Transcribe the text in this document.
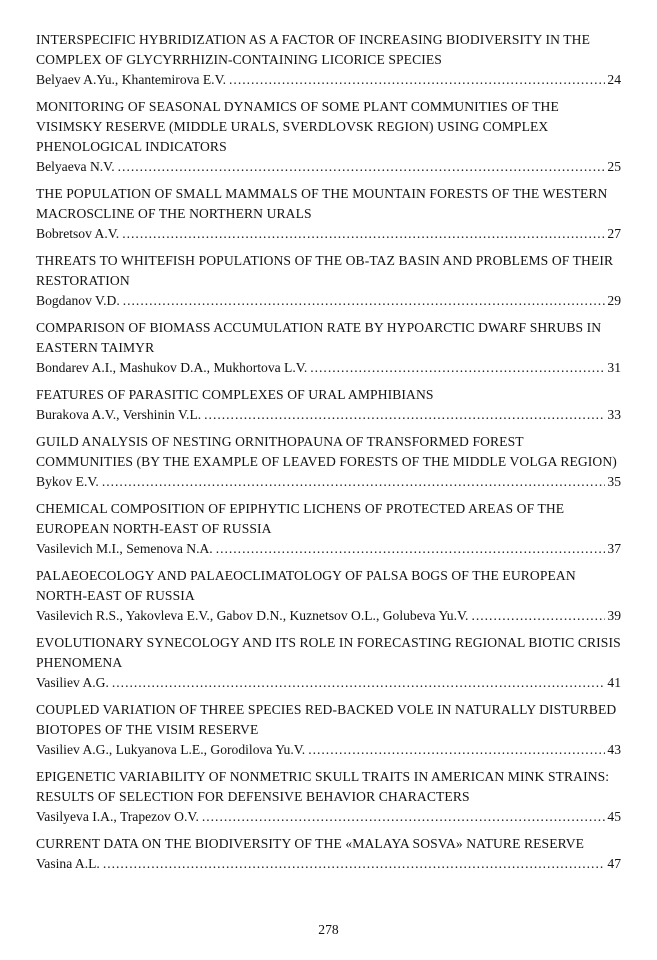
INTERSPECIFIC HYBRIDIZATION AS A FACTOR OF INCREASING BIODIVERSITY IN THE COMPLEX OF GLYCYRRHIZIN-CONTAINING LICORICE SPECIES
Belyaev A.Yu., Khantemirova E.V. .....	24
MONITORING OF SEASONAL DYNAMICS OF SOME PLANT COMMUNITIES OF THE VISIMSKY RESERVE (MIDDLE URALS, SVERDLOVSK REGION) USING COMPLEX PHENOLOGICAL INDICATORS
Belyaeva N.V. .....	25
THE POPULATION OF SMALL MAMMALS OF THE MOUNTAIN FORESTS OF THE WESTERN MACROSCLINE OF THE NORTHERN URALS
Bobretsov A.V. .....	27
THREATS TO WHITEFISH POPULATIONS OF THE OB-TAZ BASIN AND PROBLEMS OF THEIR RESTORATION
Bogdanov V.D. .....	29
COMPARISON OF BIOMASS ACCUMULATION RATE BY HYPOARCTIC DWARF SHRUBS IN EASTERN TAIMYR
Bondarev A.I., Mashukov D.A., Mukhortova L.V. .....	31
FEATURES OF PARASITIC COMPLEXES OF URAL AMPHIBIANS
Burakova A.V., Vershinin V.L. .....	33
GUILD ANALYSIS OF NESTING ORNITHOPAUNA OF TRANSFORMED FOREST COMMUNITIES (BY THE EXAMPLE OF LEAVED FORESTS OF THE MIDDLE VOLGA REGION)
Bykov E.V. .....	35
CHEMICAL COMPOSITION OF EPIPHYTIC LICHENS OF PROTECTED AREAS OF THE EUROPEAN NORTH-EAST OF RUSSIA
Vasilevich M.I., Semenova N.A. .....	37
PALAEOECOLOGY AND PALAEOCLIMATOLOGY OF PALSA BOGS OF THE EUROPEAN NORTH-EAST OF RUSSIA
Vasilevich R.S., Yakovleva E.V., Gabov D.N., Kuznetsov O.L., Golubeva Yu.V. .....	39
EVOLUTIONARY SYNECOLOGY AND ITS ROLE IN FORECASTING REGIONAL BIOTIC CRISIS PHENOMENA
Vasiliev A.G. .....	41
COUPLED VARIATION OF THREE SPECIES RED-BACKED VOLE IN NATURALLY DISTURBED BIOTOPES OF THE VISIM RESERVE
Vasiliev A.G., Lukyanova L.E., Gorodilova Yu.V. .....	43
EPIGENETIC VARIABILITY OF NONMETRIC SKULL TRAITS IN AMERICAN MINK STRAINS: RESULTS OF SELECTION FOR DEFENSIVE BEHAVIOR CHARACTERS
Vasilyeva I.A., Trapezov O.V. .....	45
CURRENT DATA ON THE BIODIVERSITY OF THE «MALAYA SOSVA» NATURE RESERVE
Vasina A.L. .....	47
278
